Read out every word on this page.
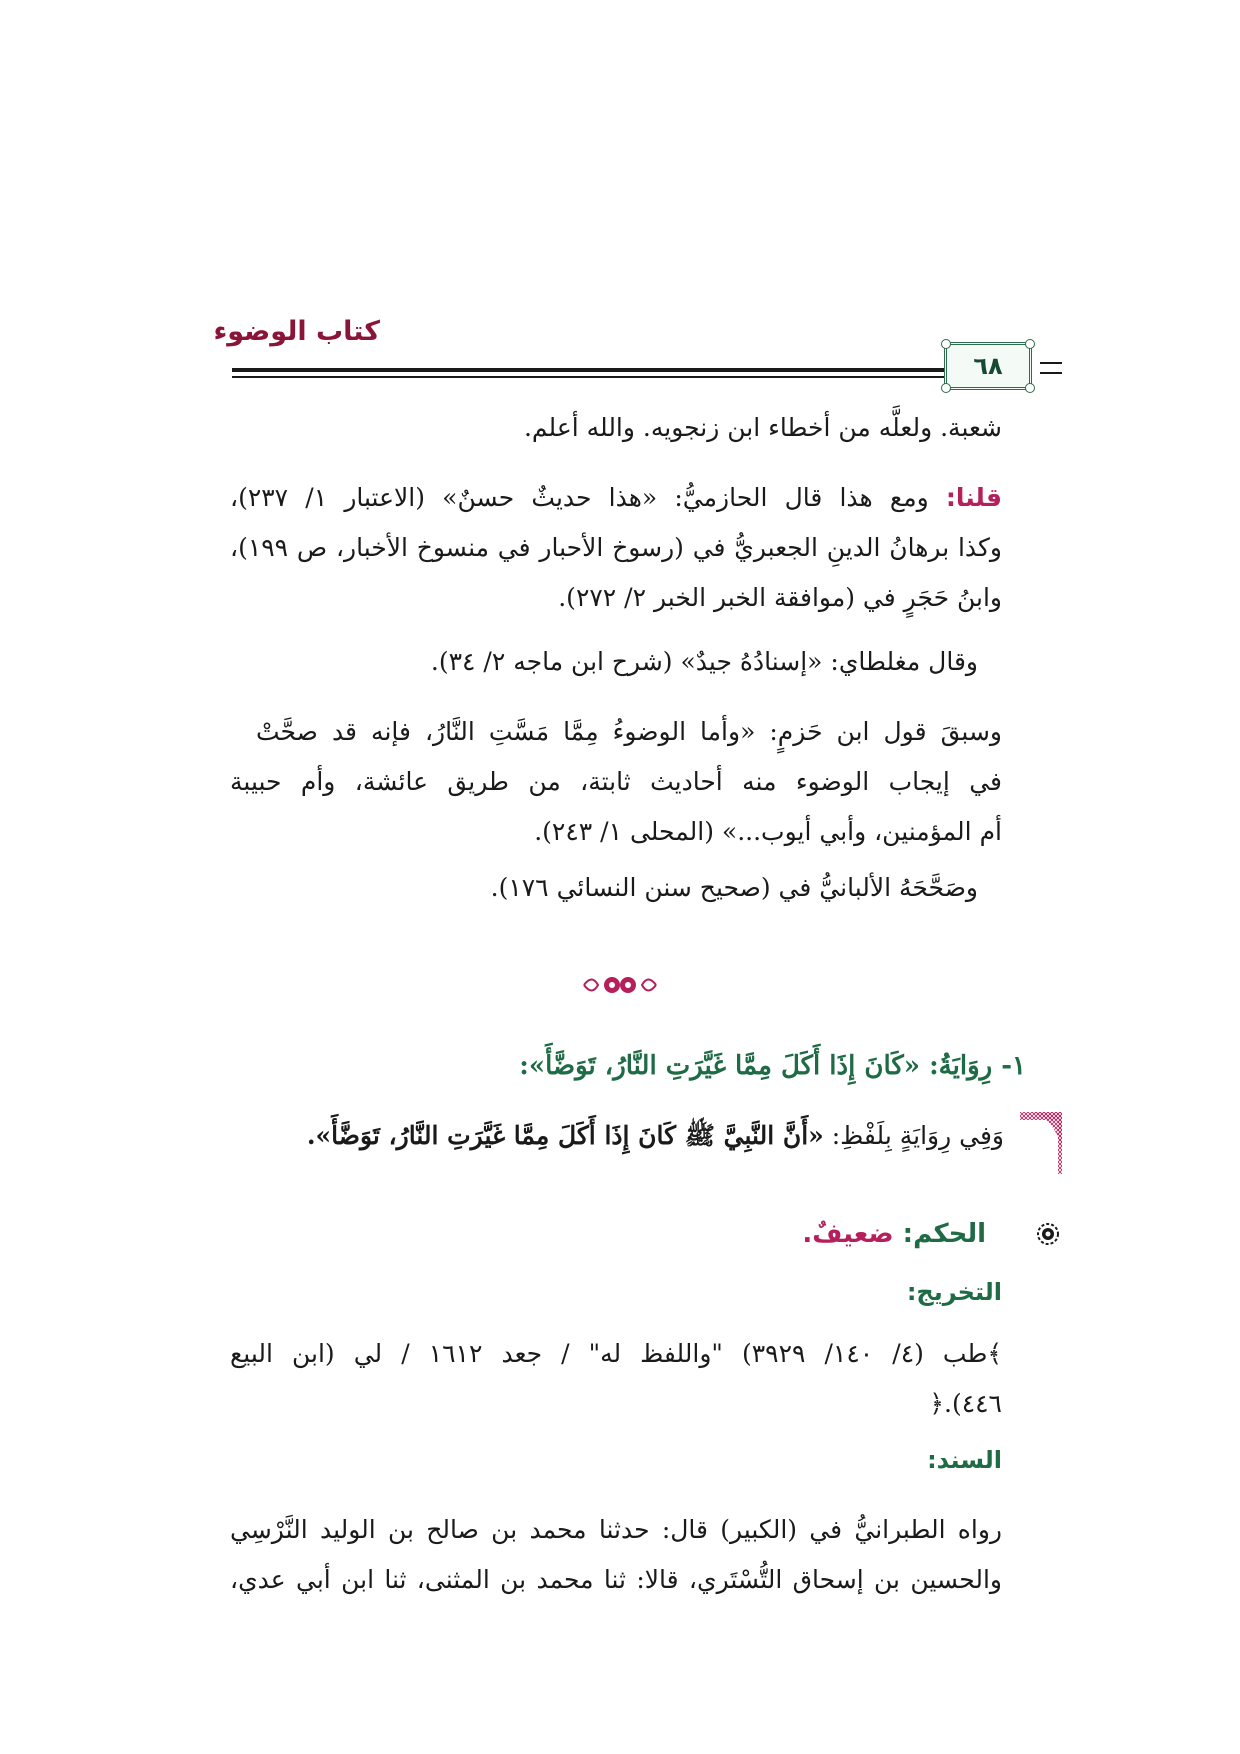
كتاب الوضوء
٦٨
شعبة. ولعلَّه من أخطاء ابن زنجويه. والله أعلم.
قلنا: ومع هذا قال الحازميُّ: «هذا حديثٌ حسنٌ» (الاعتبار ١/ ٢٣٧)،
وكذا برهانُ الدينِ الجعبريُّ في (رسوخ الأحبار في منسوخ الأخبار، ص ١٩٩)،
وابنُ حَجَرٍ في (موافقة الخبر الخبر ٢/ ٢٧٢).
وقال مغلطاي: «إسنادُهُ جيدٌ» (شرح ابن ماجه ٢/ ٣٤).
وسبقَ قول ابن حَزمٍ: «وأما الوضوءُ مِمَّا مَسَّتِ النَّارُ، فإنه قد صحَّتْ
في إيجاب الوضوء منه أحاديث ثابتة، من طريق عائشة، وأم حبيبة
أم المؤمنين، وأبي أيوب...» (المحلى ١/ ٢٤٣).
وصَحَّحَهُ الألبانيُّ في (صحيح سنن النسائي ١٧٦).
١- رِوَايَةُ: «كَانَ إِذَا أَكَلَ مِمَّا غَيَّرَتِ النَّارُ، تَوَضَّأَ»:
وَفِي رِوَايَةٍ بِلَفْظِ: «أَنَّ النَّبِيَّ ﷺ كَانَ إِذَا أَكَلَ مِمَّا غَيَّرَتِ النَّارُ، تَوَضَّأَ».
الحكم: ضعيفٌ.
التخريج:
﴾طب (٤/ ١٤٠/ ٣٩٢٩) "واللفظ له" / جعد ١٦١٢ / لي (ابن البيع
٤٤٦).﴿
السند:
رواه الطبرانيُّ في (الكبير) قال: حدثنا محمد بن صالح بن الوليد النَّرْسِي
والحسين بن إسحاق التُّسْتَري، قالا: ثنا محمد بن المثنى، ثنا ابن أبي عدي،
